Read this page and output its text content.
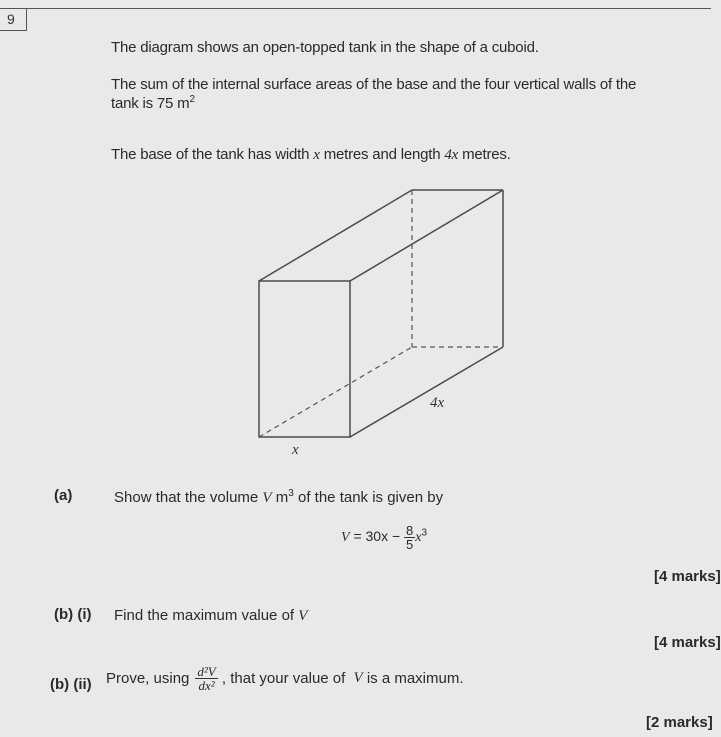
9
The diagram shows an open-topped tank in the shape of a cuboid.
The sum of the internal surface areas of the base and the four vertical walls of the
tank is 75 $m^2$
The base of the tank has width x metres and length 4x metres.
4x
x
(a)	Show that the volume V $m^3$ of the tank is given by
$V = 30x - \frac{8}{5} x^3$
[4 marks]
(b) (i) Find the maximum value of V
[4 marks]
(b) (ii) Prove, using $\frac{\text{d²V}}{\text{dx²}}$ , that your value of V is a maximum.
[2 marks]
